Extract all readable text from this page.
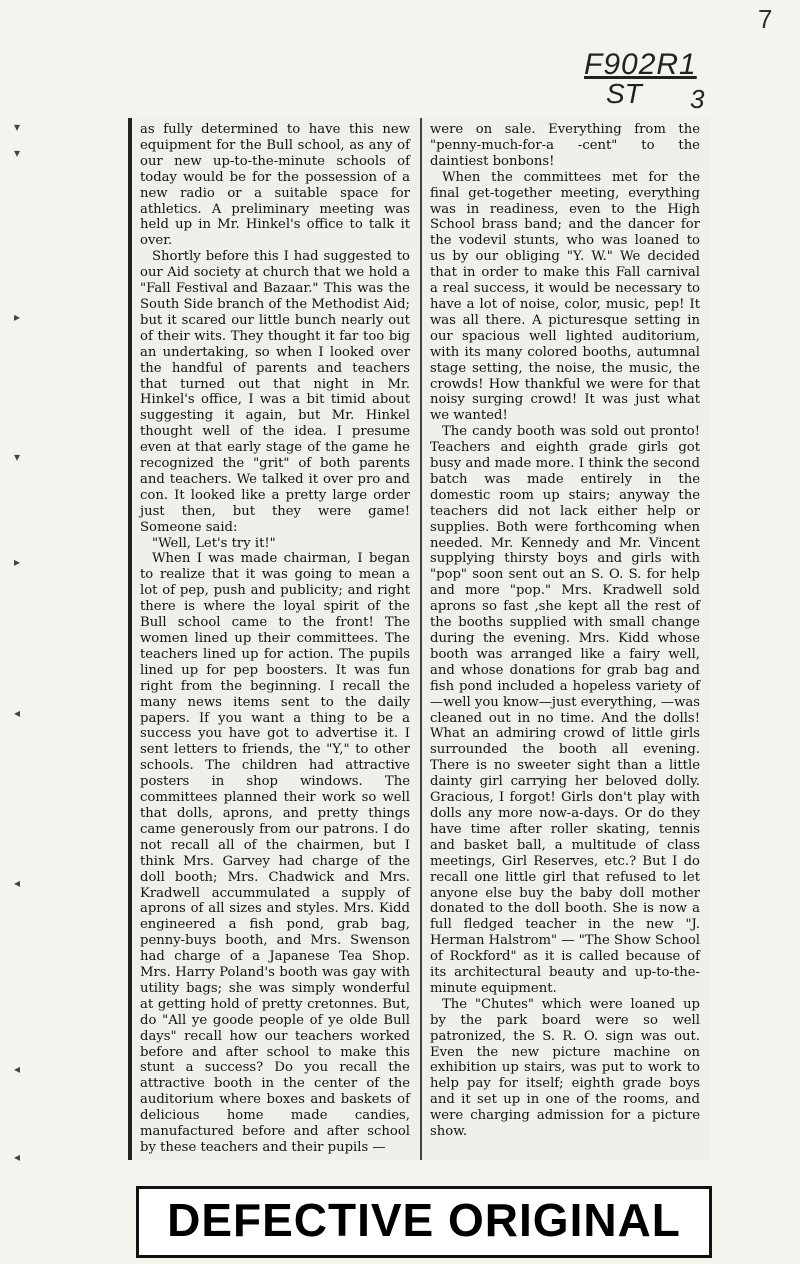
7
F902R1
ST 3
▾
▾
▸
▾
▸
◂
◂
◂
◂

as fully determined to have this new equipment for the Bull school, as any of our new up-to-the-minute schools of today would be for the possession of a new radio or a suitable space for athletics. A preliminary meeting was held up in Mr. Hinkel's office to talk it over.

Shortly before this I had suggested to our Aid society at church that we hold a "Fall Festival and Bazaar." This was the South Side branch of the Methodist Aid; but it scared our little bunch nearly out of their wits. They thought it far too big an undertaking, so when I looked over the handful of parents and teachers that turned out that night in Mr. Hinkel's office, I was a bit timid about suggesting it again, but Mr. Hinkel thought well of the idea. I presume even at that early stage of the game he recognized the "grit" of both parents and teachers. We talked it over pro and con. It looked like a pretty large order just then, but they were game! Someone said:

"Well, Let's try it!"

When I was made chairman, I began to realize that it was going to mean a lot of pep, push and publicity; and right there is where the loyal spirit of the Bull school came to the front! The women lined up their committees. The teachers lined up for action. The pupils lined up for pep boosters. It was fun right from the beginning. I recall the many news items sent to the daily papers. If you want a thing to be a success you have got to advertise it. I sent letters to friends, the "Y," to other schools. The children had attractive posters in shop windows. The committees planned their work so well that dolls, aprons, and pretty things came generously from our patrons. I do not recall all of the chairmen, but I think Mrs. Garvey had charge of the doll booth; Mrs. Chadwick and Mrs. Kradwell accummulated a supply of aprons of all sizes and styles. Mrs. Kidd engineered a fish pond, grab bag, penny-buys booth, and Mrs. Swenson had charge of a Japanese Tea Shop. Mrs. Harry Poland's booth was gay with utility bags; she was simply wonderful at getting hold of pretty cretonnes. But, do "All ye goode people of ye olde Bull days" recall how our teachers worked before and after school to make this stunt a success? Do you recall the attractive booth in the center of the auditorium where boxes and baskets of delicious home made candies, manufactured before and after school by these teachers and their pupils —

were on sale. Everything from the "penny-much-for-a -cent" to the daintiest bonbons!

When the committees met for the final get-together meeting, everything was in readiness, even to the High School brass band; and the dancer for the vodevil stunts, who was loaned to us by our obliging "Y. W." We decided that in order to make this Fall carnival a real success, it would be necessary to have a lot of noise, color, music, pep! It was all there. A picturesque setting in our spacious well lighted auditorium, with its many colored booths, autumnal stage setting, the noise, the music, the crowds! How thankful we were for that noisy surging crowd! It was just what we wanted!

The candy booth was sold out pronto! Teachers and eighth grade girls got busy and made more. I think the second batch was made entirely in the domestic room up stairs; anyway the teachers did not lack either help or supplies. Both were forthcoming when needed. Mr. Kennedy and Mr. Vincent supplying thirsty boys and girls with "pop" soon sent out an S. O. S. for help and more "pop." Mrs. Kradwell sold aprons so fast ,she kept all the rest of the booths supplied with small change during the evening. Mrs. Kidd whose booth was arranged like a fairy well, and whose donations for grab bag and fish pond included a hopeless variety of —well you know—just everything, —was cleaned out in no time. And the dolls! What an admiring crowd of little girls surrounded the booth all evening. There is no sweeter sight than a little dainty girl carrying her beloved dolly. Gracious, I forgot! Girls don't play with dolls any more now-a-days. Or do they have time after roller skating, tennis and basket ball, a multitude of class meetings, Girl Reserves, etc.? But I do recall one little girl that refused to let anyone else buy the baby doll mother donated to the doll booth. She is now a full fledged teacher in the new "J. Herman Halstrom" — "The Show School of Rockford" as it is called because of its architectural beauty and up-to-the-minute equipment.

The "Chutes" which were loaned up by the park board were so well patronized, the S. R. O. sign was out. Even the new picture machine on exhibition up stairs, was put to work to help pay for itself; eighth grade boys and it set up in one of the rooms, and were charging admission for a picture show.

DEFECTIVE ORIGINAL
